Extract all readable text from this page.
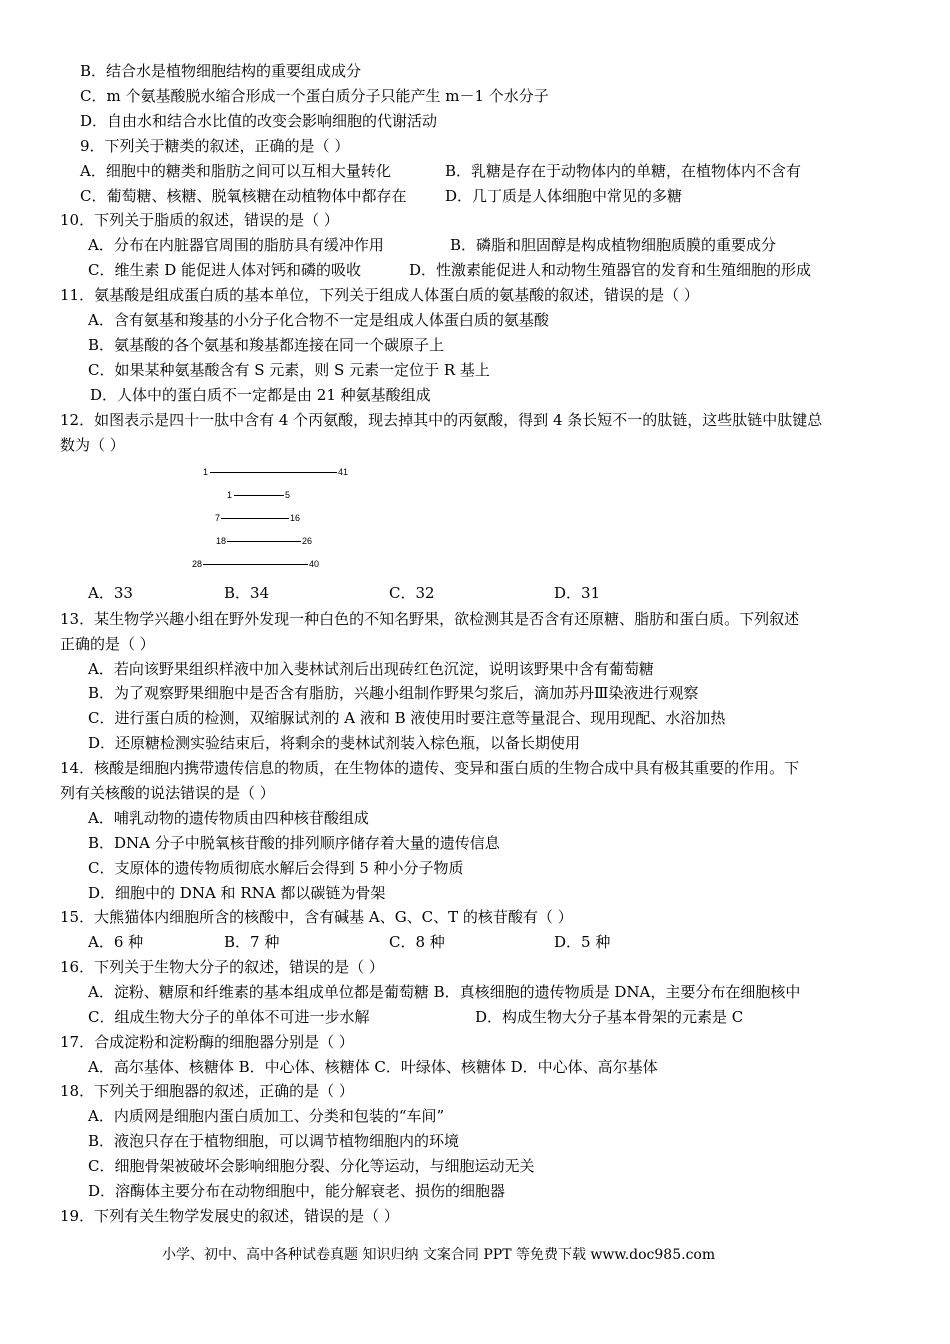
B．结合水是植物细胞结构的重要组成成分
C．m 个氨基酸脱水缩合形成一个蛋白质分子只能产生 m－1 个水分子
D．自由水和结合水比值的改变会影响细胞的代谢活动
9．下列关于糖类的叙述，正确的是（ ）
A．细胞中的糖类和脂肪之间可以互相大量转化	B．乳糖是存在于动物体内的单糖，在植物体内不含有
C．葡萄糖、核糖、脱氧核糖在动植物体中都存在	D．几丁质是人体细胞中常见的多糖
10．下列关于脂质的叙述，错误的是（ ）
A．分布在内脏器官周围的脂肪具有缓冲作用	B．磷脂和胆固醇是构成植物细胞质膜的重要成分
C．维生素 D 能促进人体对钙和磷的吸收	D．性激素能促进人和动物生殖器官的发育和生殖细胞的形成
11．氨基酸是组成蛋白质的基本单位，下列关于组成人体蛋白质的氨基酸的叙述，错误的是（ ）
A．含有氨基和羧基的小分子化合物不一定是组成人体蛋白质的氨基酸
B．氨基酸的各个氨基和羧基都连接在同一个碳原子上
C．如果某种氨基酸含有 S 元素，则 S 元素一定位于 R 基上
D．人体中的蛋白质不一定都是由 21 种氨基酸组成
12．如图表示是四十一肽中含有 4 个丙氨酸，现去掉其中的丙氨酸，得到 4 条长短不一的肽链，这些肽链中肽键总
数为（ ）
1	41
1	5
7	16
18	26
28	40
A．33	B．34	C．32	D．31
13．某生物学兴趣小组在野外发现一种白色的不知名野果，欲检测其是否含有还原糖、脂肪和蛋白质。下列叙述
正确的是（ ）
A．若向该野果组织样液中加入斐林试剂后出现砖红色沉淀，说明该野果中含有葡萄糖
B．为了观察野果细胞中是否含有脂肪，兴趣小组制作野果匀浆后，滴加苏丹Ⅲ染液进行观察
C．进行蛋白质的检测，双缩脲试剂的 A 液和 B 液使用时要注意等量混合、现用现配、水浴加热
D．还原糖检测实验结束后，将剩余的斐林试剂装入棕色瓶，以备长期使用
14．核酸是细胞内携带遗传信息的物质，在生物体的遗传、变异和蛋白质的生物合成中具有极其重要的作用。下
列有关核酸的说法错误的是（ ）
A．哺乳动物的遗传物质由四种核苷酸组成
B．DNA 分子中脱氧核苷酸的排列顺序储存着大量的遗传信息
C．支原体的遗传物质彻底水解后会得到 5 种小分子物质
D．细胞中的 DNA 和 RNA 都以碳链为骨架
15．大熊猫体内细胞所含的核酸中，含有碱基 A、G、C、T 的核苷酸有（ ）
A．6 种	B．7 种	C．8 种	D．5 种
16．下列关于生物大分子的叙述，错误的是（ ）
A．淀粉、糖原和纤维素的基本组成单位都是葡萄糖 B．真核细胞的遗传物质是 DNA，主要分布在细胞核中
C．组成生物大分子的单体不可进一步水解	D．构成生物大分子基本骨架的元素是 C
17．合成淀粉和淀粉酶的细胞器分别是（ ）
A．高尔基体、核糖体 B．中心体、核糖体 C．叶绿体、核糖体 D．中心体、高尔基体
18．下列关于细胞器的叙述，正确的是（ ）
A．内质网是细胞内蛋白质加工、分类和包装的“车间”
B．液泡只存在于植物细胞，可以调节植物细胞内的环境
C．细胞骨架被破坏会影响细胞分裂、分化等运动，与细胞运动无关
D．溶酶体主要分布在动物细胞中，能分解衰老、损伤的细胞器
19．下列有关生物学发展史的叙述，错误的是（ ）
小学、初中、高中各种试卷真题 知识归纳 文案合同 PPT 等免费下载 www.doc985.com
